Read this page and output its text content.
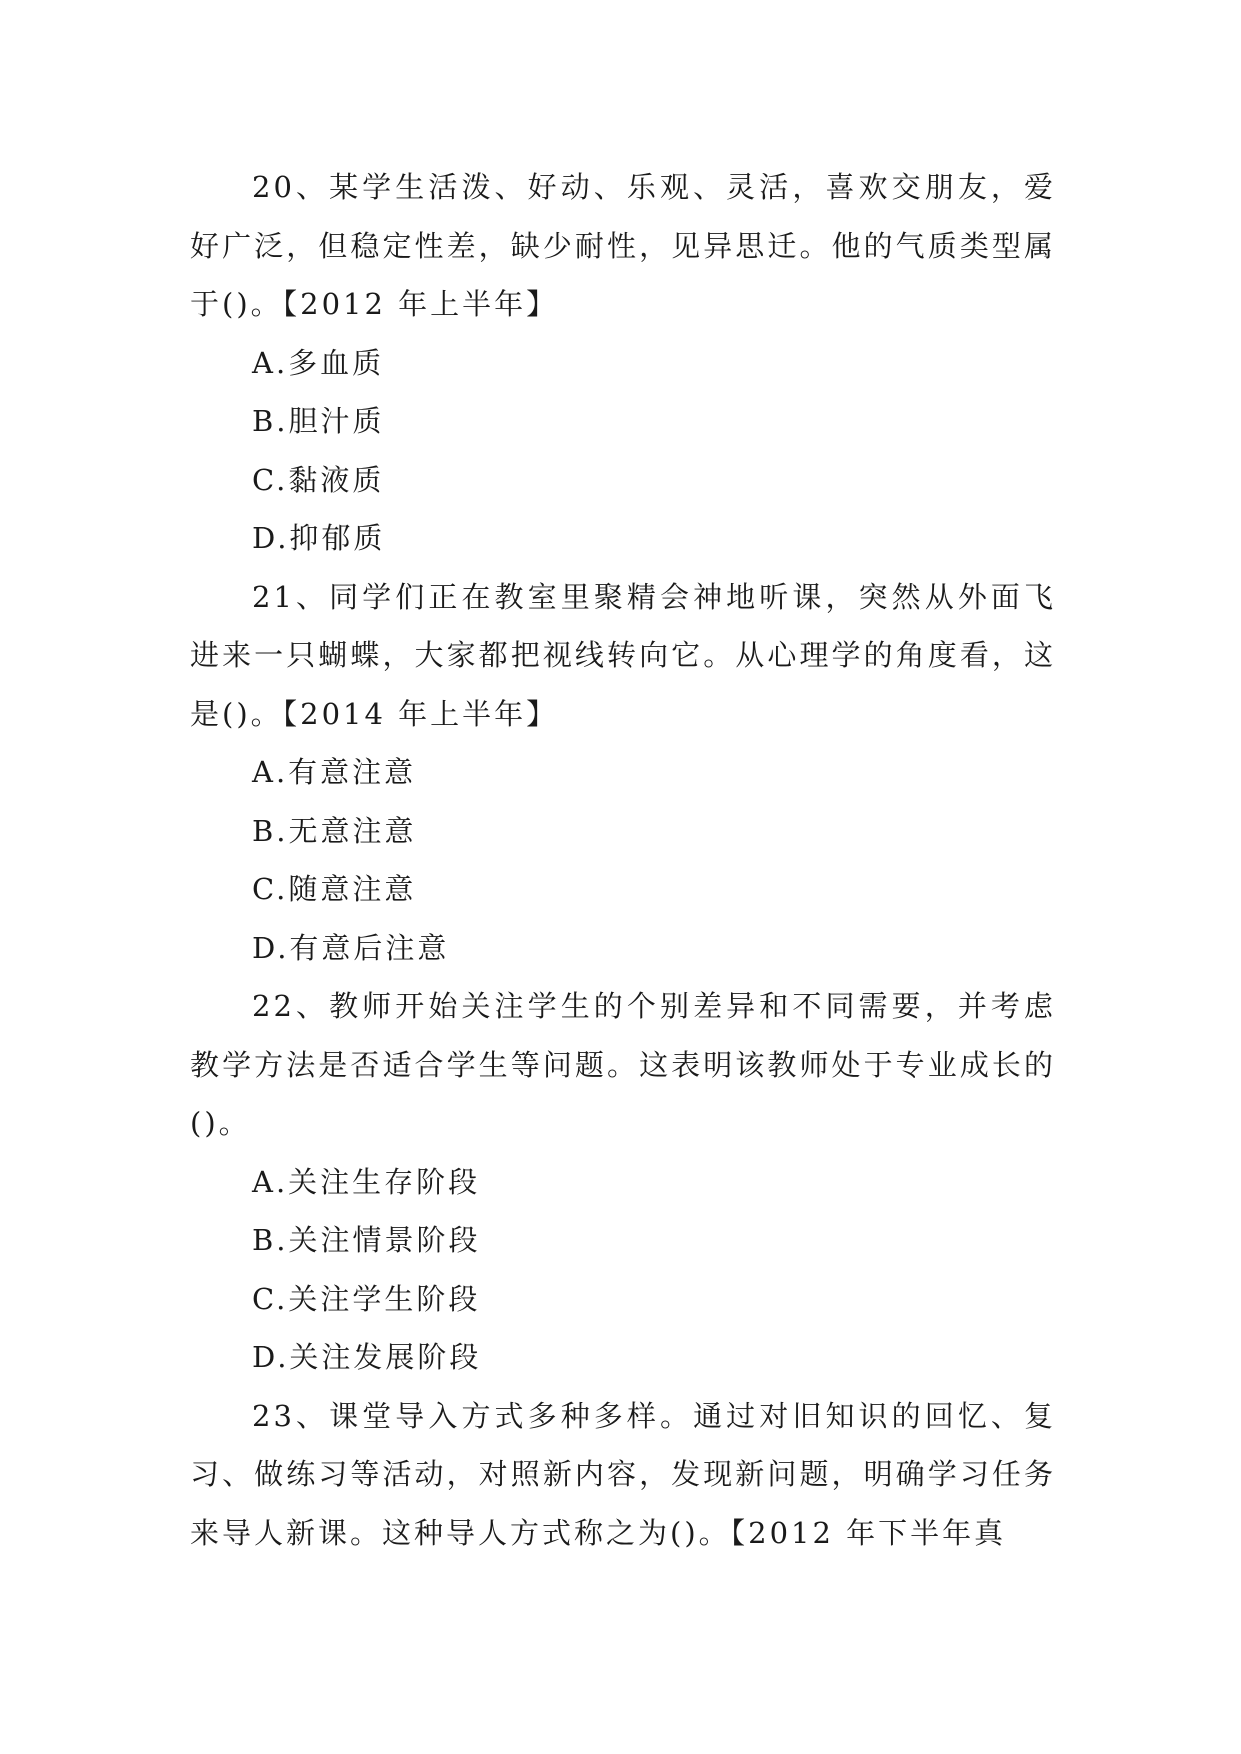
20、某学生活泼、好动、乐观、灵活，喜欢交朋友，爱好广泛，但稳定性差，缺少耐性，见异思迁。他的气质类型属于()。【2012 年上半年】

A.多血质

B.胆汁质

C.黏液质

D.抑郁质

21、同学们正在教室里聚精会神地听课，突然从外面飞进来一只蝴蝶，大家都把视线转向它。从心理学的角度看，这是()。【2014 年上半年】

A.有意注意

B.无意注意

C.随意注意

D.有意后注意

22、教师开始关注学生的个别差异和不同需要，并考虑教学方法是否适合学生等问题。这表明该教师处于专业成长的()。

A.关注生存阶段

B.关注情景阶段

C.关注学生阶段

D.关注发展阶段

23、课堂导入方式多种多样。通过对旧知识的回忆、复习、做练习等活动，对照新内容，发现新问题，明确学习任务来导人新课。这种导人方式称之为()。【2012 年下半年真
